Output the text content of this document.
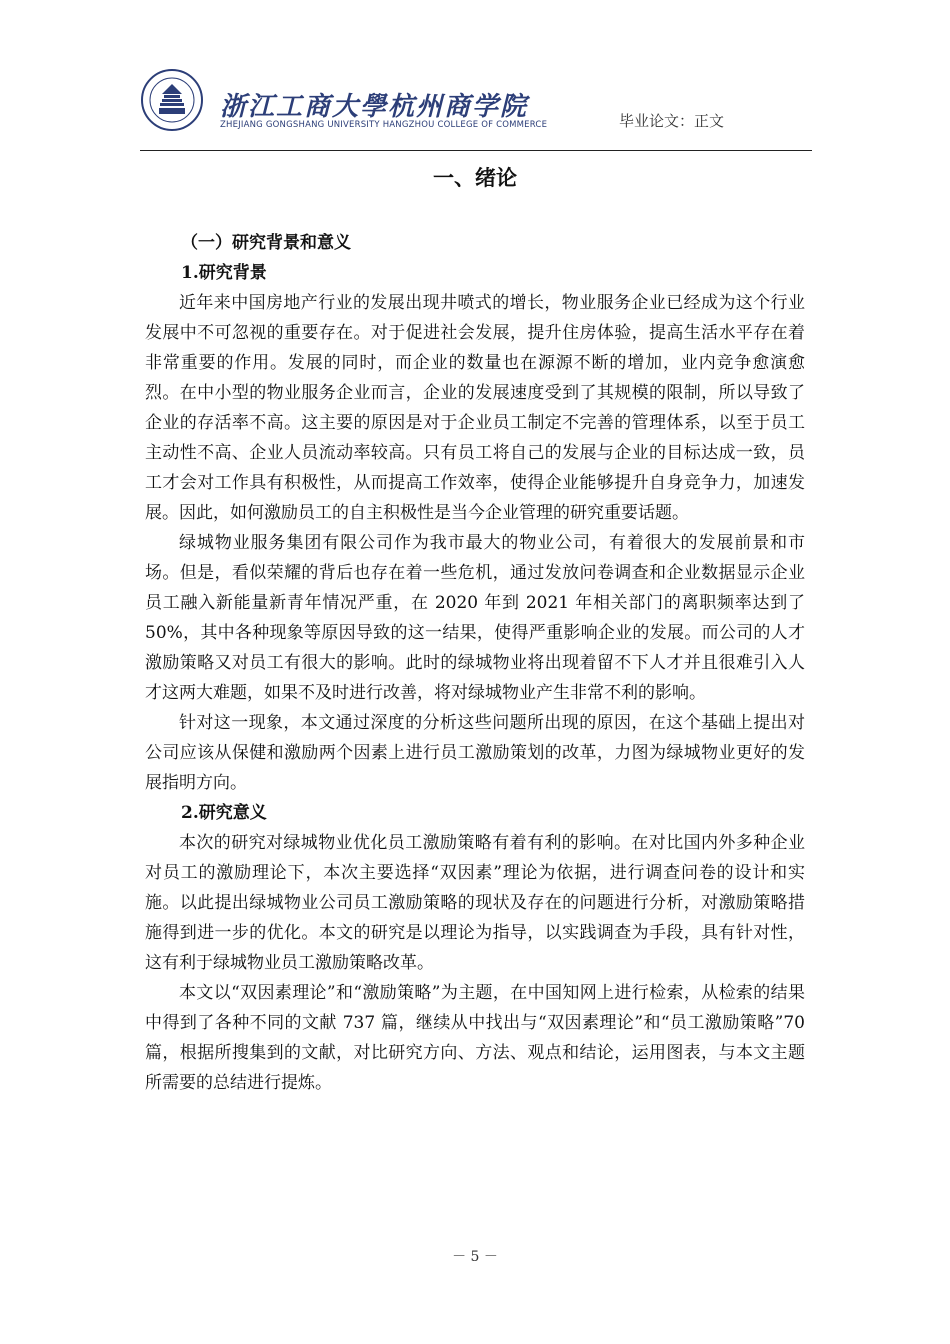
浙江工商大學杭州商学院
ZHEJIANG GONGSHANG UNIVERSITY HANGZHOU COLLEGE OF COMMERCE	毕业论文：正文
一、绪论
（一）研究背景和意义
1.研究背景

近年来中国房地产行业的发展出现井喷式的增长，物业服务企业已经成为这个行业发展中不可忽视的重要存在。对于促进社会发展，提升住房体验，提高生活水平存在着非常重要的作用。发展的同时，而企业的数量也在源源不断的增加，业内竞争愈演愈烈。在中小型的物业服务企业而言，企业的发展速度受到了其规模的限制，所以导致了企业的存活率不高。这主要的原因是对于企业员工制定不完善的管理体系，以至于员工主动性不高、企业人员流动率较高。只有员工将自己的发展与企业的目标达成一致，员工才会对工作具有积极性，从而提高工作效率，使得企业能够提升自身竞争力，加速发展。因此，如何激励员工的自主积极性是当今企业管理的研究重要话题。

绿城物业服务集团有限公司作为我市最大的物业公司，有着很大的发展前景和市场。但是，看似荣耀的背后也存在着一些危机，通过发放问卷调查和企业数据显示企业员工融入新能量新青年情况严重，在 2020 年到 2021 年相关部门的离职频率达到了 50%，其中各种现象等原因导致的这一结果，使得严重影响企业的发展。而公司的人才激励策略又对员工有很大的影响。此时的绿城物业将出现着留不下人才并且很难引入人才这两大难题，如果不及时进行改善，将对绿城物业产生非常不利的影响。

针对这一现象，本文通过深度的分析这些问题所出现的原因，在这个基础上提出对公司应该从保健和激励两个因素上进行员工激励策划的改革，力图为绿城物业更好的发展指明方向。

2.研究意义

本次的研究对绿城物业优化员工激励策略有着有利的影响。在对比国内外多种企业对员工的激励理论下，本次主要选择“双因素”理论为依据，进行调查问卷的设计和实施。以此提出绿城物业公司员工激励策略的现状及存在的问题进行分析，对激励策略措施得到进一步的优化。本文的研究是以理论为指导，以实践调查为手段，具有针对性，这有利于绿城物业员工激励策略改革。

本文以“双因素理论”和“激励策略”为主题，在中国知网上进行检索，从检索的结果中得到了各种不同的文献 737 篇，继续从中找出与“双因素理论”和“员工激励策略”70 篇，根据所搜集到的文献，对比研究方向、方法、观点和结论，运用图表，与本文主题所需要的总结进行提炼。

－ 5 －
